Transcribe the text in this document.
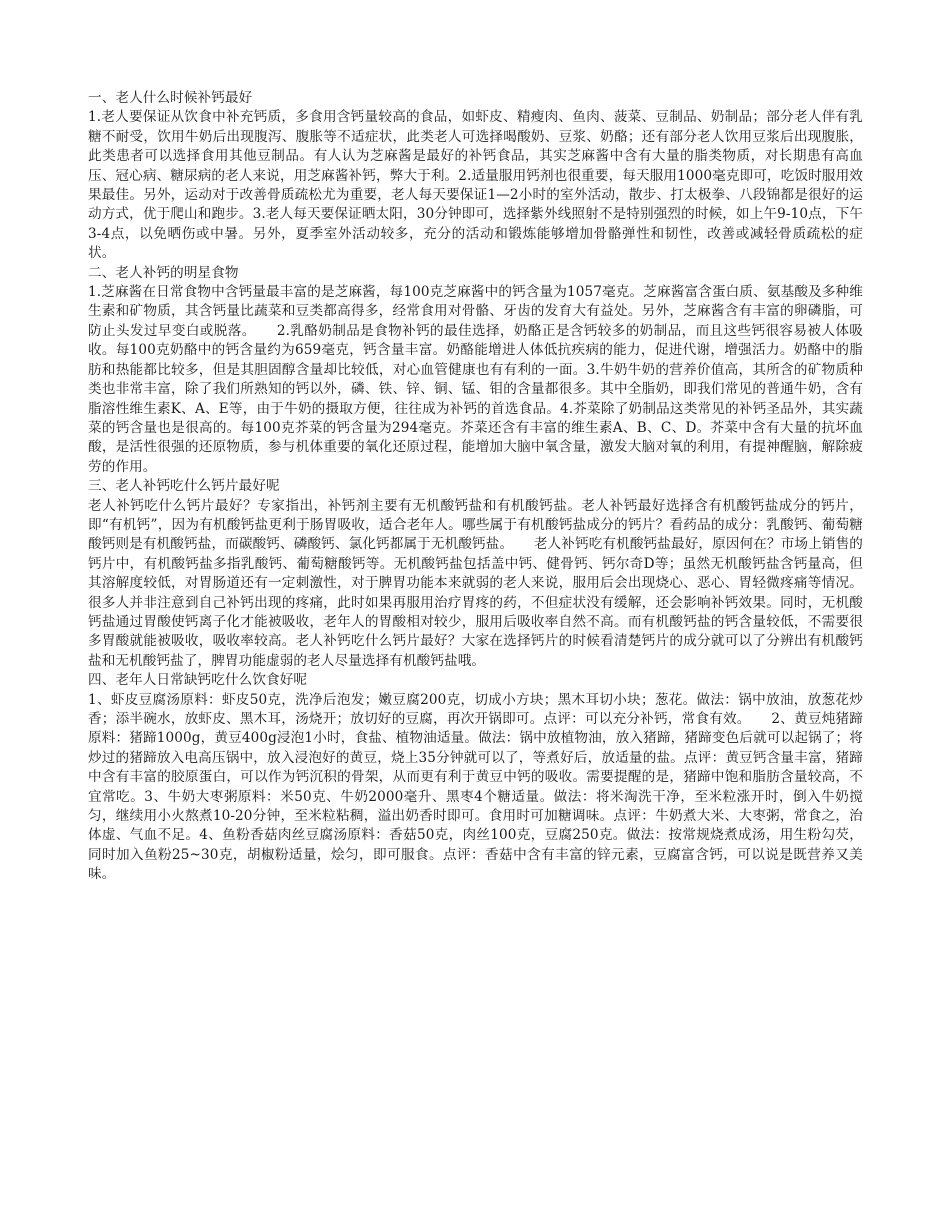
一、老人什么时候补钙最好

1.老人要保证从饮食中补充钙质，多食用含钙量较高的食品，如虾皮、精瘦肉、鱼肉、菠菜、豆制品、奶制品；部分老人伴有乳糖不耐受，饮用牛奶后出现腹泻、腹胀等不适症状，此类老人可选择喝酸奶、豆浆、奶酪；还有部分老人饮用豆浆后出现腹胀，此类患者可以选择食用其他豆制品。有人认为芝麻酱是最好的补钙食品，其实芝麻酱中含有大量的脂类物质，对长期患有高血压、冠心病、糖尿病的老人来说，用芝麻酱补钙，弊大于利。2.适量服用钙剂也很重要，每天服用1000毫克即可，吃饭时服用效果最佳。另外，运动对于改善骨质疏松尤为重要，老人每天要保证1—2小时的室外活动，散步、打太极拳、八段锦都是很好的运动方式，优于爬山和跑步。3.老人每天要保证晒太阳，30分钟即可，选择紫外线照射不是特别强烈的时候，如上午9-10点，下午3-4点，以免晒伤或中暑。另外，夏季室外活动较多，充分的活动和锻炼能够增加骨骼弹性和韧性，改善或减轻骨质疏松的症状。

二、老人补钙的明星食物

1.芝麻酱在日常食物中含钙量最丰富的是芝麻酱，每100克芝麻酱中的钙含量为1057毫克。芝麻酱富含蛋白质、氨基酸及多种维生素和矿物质，其含钙量比蔬菜和豆类都高得多，经常食用对骨骼、牙齿的发育大有益处。另外，芝麻酱含有丰富的卵磷脂，可防止头发过早变白或脱落。　　2.乳酪奶制品是食物补钙的最佳选择，奶酪正是含钙较多的奶制品，而且这些钙很容易被人体吸收。每100克奶酪中的钙含量约为659毫克，钙含量丰富。奶酪能增进人体低抗疾病的能力，促进代谢，增强活力。奶酪中的脂肪和热能都比较多，但是其胆固醇含量却比较低，对心血管健康也有有利的一面。3.牛奶牛奶的营养价值高，其所含的矿物质种类也非常丰富，除了我们所熟知的钙以外，磷、铁、锌、铜、锰、钼的含量都很多。其中全脂奶，即我们常见的普通牛奶，含有脂溶性维生素K、A、E等，由于牛奶的摄取方便，往往成为补钙的首选食品。4.芥菜除了奶制品这类常见的补钙圣品外，其实蔬菜的钙含量也是很高的。每100克芥菜的钙含量为294毫克。芥菜还含有丰富的维生素A、B、C、D。芥菜中含有大量的抗坏血酸，是活性很强的还原物质，参与机体重要的氧化还原过程，能增加大脑中氧含量，激发大脑对氧的利用，有提神醒脑，解除疲劳的作用。

三、老人补钙吃什么钙片最好呢

老人补钙吃什么钙片最好？专家指出，补钙剂主要有无机酸钙盐和有机酸钙盐。老人补钙最好选择含有机酸钙盐成分的钙片，即“有机钙”，因为有机酸钙盐更利于肠胃吸收，适合老年人。哪些属于有机酸钙盐成分的钙片？看药品的成分：乳酸钙、葡萄糖酸钙则是有机酸钙盐，而碳酸钙、磷酸钙、氯化钙都属于无机酸钙盐。　　老人补钙吃有机酸钙盐最好，原因何在？市场上销售的钙片中，有机酸钙盐多指乳酸钙、葡萄糖酸钙等。无机酸钙盐包括盖中钙、健骨钙、钙尔奇D等；虽然无机酸钙盐含钙量高，但其溶解度较低，对胃肠道还有一定刺激性，对于脾胃功能本来就弱的老人来说，服用后会出现烧心、恶心、胃轻微疼痛等情况。很多人并非注意到自己补钙出现的疼痛，此时如果再服用治疗胃疼的药，不但症状没有缓解，还会影响补钙效果。同时，无机酸钙盐通过胃酸使钙离子化才能被吸收，老年人的胃酸相对较少，服用后吸收率自然不高。而有机酸钙盐的钙含量较低，不需要很多胃酸就能被吸收，吸收率较高。老人补钙吃什么钙片最好？大家在选择钙片的时候看清楚钙片的成分就可以了分辨出有机酸钙盐和无机酸钙盐了，脾胃功能虚弱的老人尽量选择有机酸钙盐哦。

四、老年人日常缺钙吃什么饮食好呢

1、虾皮豆腐汤原料：虾皮50克，洗净后泡发；嫩豆腐200克，切成小方块；黑木耳切小块；葱花。做法：锅中放油，放葱花炒香；添半碗水，放虾皮、黑木耳，汤烧开；放切好的豆腐，再次开锅即可。点评：可以充分补钙，常食有效。　　2、黄豆炖猪蹄原料：猪蹄1000g，黄豆400g浸泡1小时，食盐、植物油适量。做法：锅中放植物油，放入猪蹄，猪蹄变色后就可以起锅了；将炒过的猪蹄放入电高压锅中，放入浸泡好的黄豆，烧上35分钟就可以了，等煮好后，放适量的盐。点评：黄豆钙含量丰富，猪蹄中含有丰富的胶原蛋白，可以作为钙沉积的骨架，从而更有利于黄豆中钙的吸收。需要提醒的是，猪蹄中饱和脂肪含量较高，不宜常吃。3、牛奶大枣粥原料：米50克、牛奶2000毫升、黑枣4个糖适量。做法：将米淘洗干净，至米粒涨开时，倒入牛奶搅匀，继续用小火熬煮10-20分钟，至米粒粘稠，溢出奶香时即可。食用时可加糖调味。点评：牛奶煮大米、大枣粥，常食之，治体虚、气血不足。4、鱼粉香菇肉丝豆腐汤原料：香菇50克，肉丝100克，豆腐250克。做法：按常规烧煮成汤，用生粉勾芡，同时加入鱼粉25~30克，胡椒粉适量，烩匀，即可服食。点评：香菇中含有丰富的锌元素，豆腐富含钙，可以说是既营养又美味。
